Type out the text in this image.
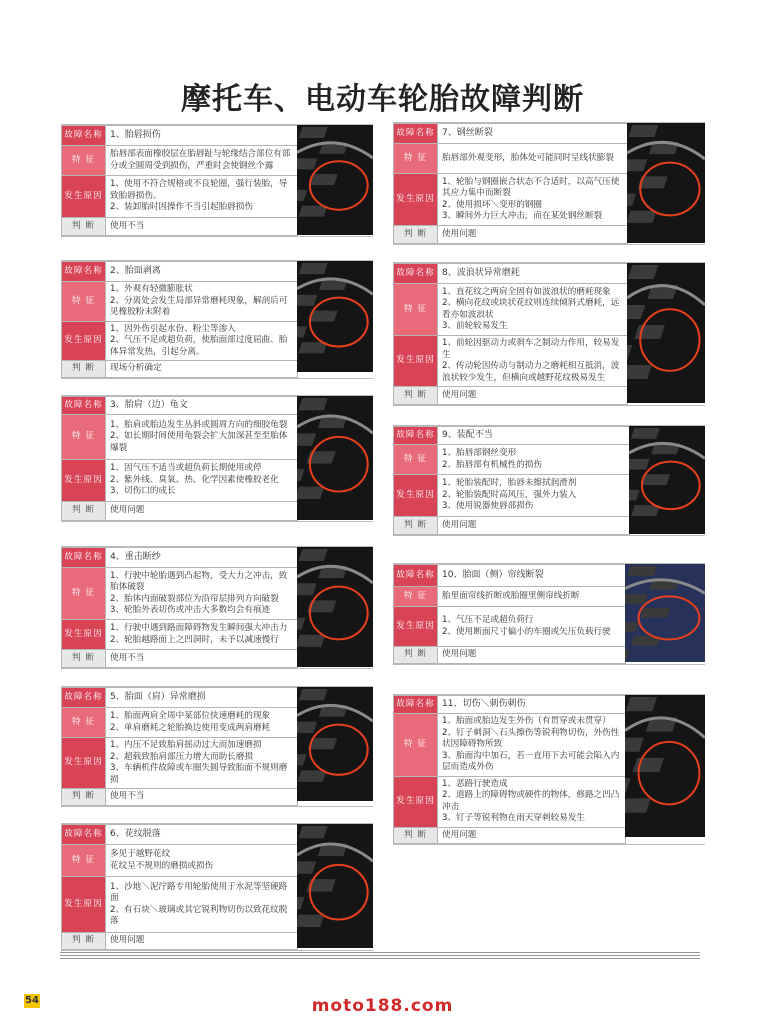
摩托车、电动车轮胎故障判断
故障名称	1、胎唇损伤
特 征	胎唇部表面橡胶层在胎唇趾与轮缘结合部位有部分或全圆周受到损伤，严重时会使钢丝个露
发生原因	1、使用不符合规格或不良轮圈，强行装胎，导致胎唇损伤。
2、装卸胎时因操作不当引起胎唇损伤
判 断	使用不当
故障名称	2、胎面剥离
特 征	1、外观有轻微膨胀状
2、分离处会发生局部异常磨耗现象，解剖后可见橡胶粉末附着
发生原因	1、因外伤引起水份、粉尘等渗入
2、气压不足或超负荷，使胎面部过度屈曲、胎体异常发热，引起分离。
判 断	现场分析确定
故障名称	3、胎肩（边）龟文
特 征	1、胎肩或胎边发生丛斜或圆周方向的细胶龟裂
2、如长期时间使用龟裂会扩大加深甚至至胎体爆裂
发生原因	1、因气压不适当或超负荷长期使用或停
2、紫外线、臭氧、热、化学因素使橡胶老化
3、切伤口的成长
判 断	使用问题
故障名称	4、重击断纱
特 征	1、行驶中轮胎遇到凸起物，受大力之冲击，致胎体破裂
2、胎体内面破裂部位为沿帘层排列方向破裂
3、轮胎外表切伤或冲击大多数均会有痕迹
发生原因	1、行驶中遇到路面障碍物发生瞬间强大冲击力
2、轮胎越路面上之凹洞时，未予以减速慢行
判 断	使用不当
故障名称	5、胎面（肩）异常磨损
特 征	1、胎面两肩全周中某部位快速磨耗的现象
2、单肩磨耗之轮胎换边使用变成两肩磨耗
发生原因	1、内压不足致胎肩摇动过大而加速磨损
2、超载致胎肩部压力增大而助长磨损
3、车辆机件故障或车圈失圆导致胎面不规则磨损
判 断	使用不当
故障名称	6、花纹脱落
特 征	多见于越野花纹
花纹呈不规则的磨损或损伤
发生原因	1、沙地＼泥泞路专用轮胎使用于水泥等坚硬路面
2、有石块＼玻璃或其它锐利物切伤以致花纹脱落
判 断	使用问题
故障名称	7、钢丝断裂
特 征	胎唇部外观变形，胎体处可能同时呈线状膨裂
发生原因	1、轮胎与钢圈嵌合状态不合适时，以高气压使其应力集中而断裂
2、使用损坏＼变形的钢圈
3、瞬间外力巨大冲击，而在某处钢丝断裂
判 断	使用问题
故障名称	8、波浪状异常磨耗
特 征	1、直花纹之两肩全固有如波浪状的磨耗现象
2、横向花纹或块状花纹则连续倾斜式磨耗，远看亦如波浪状
3、前轮较易发生
发生原因	1、前轮因驱动力或刹车之制动力作用，较易发生
2、传动轮因传动与制动力之磨耗相互抵消，波浪状较少发生，但横向或越野花纹极易发生
判 断	使用问题
故障名称	9、装配不当
特 征	1、胎唇部钢丝变形
2、胎唇部有机械性的损伤
发生原因	1、轮胎装配时，胎唇未擦拭润滑剂
2、轮胎装配时高风压，强外力装入
3、使用锐器使唇部损伤
判 断	使用问题
故障名称	10、胎面（侧）帘线断裂
特 征	胎里面帘线折断或胎圈里侧帘线折断
发生原因	1、气压不足或超负荷行
2、使用断面尺寸偏小的车圈或矢压负载行驶
判 断	使用问题
故障名称	11、切伤＼刺伤刺伤
特 征	1、胎面或胎边发生外伤（有贯穿或未贯穿）
2、钉子刺洞＼石头擦伤等锐利物切伤，外伤性状因障碍物所致
3、胎面沟中加石，若一直用下去可能会陷入内层而造成外伤
发生原因	1、恶路行驶造成
2、道路上的障碍物或硬件的物体，修路之凹凸冲击
3、钉子等锐利物在雨天穿刺较易发生
判 断	使用问题
54	moto188.com
